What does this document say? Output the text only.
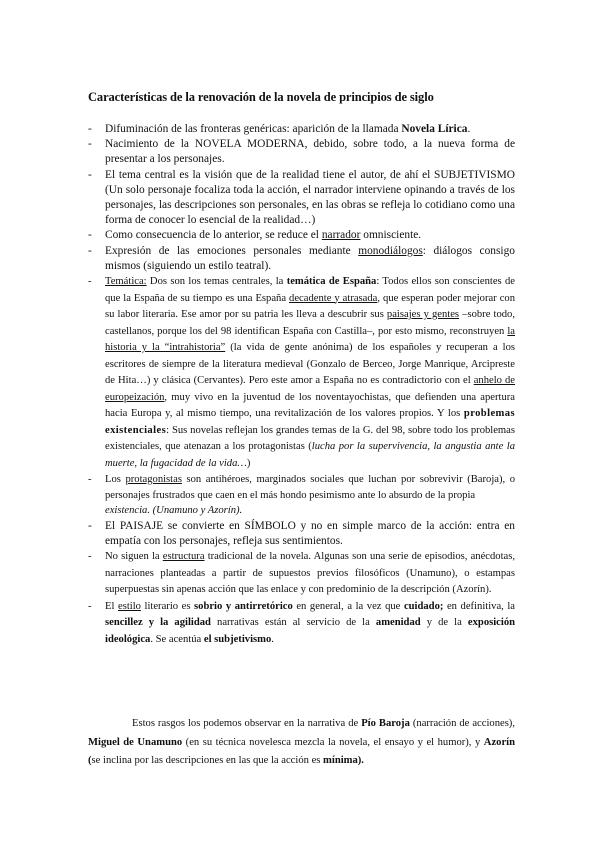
Características de la renovación de la novela de principios de siglo
- Difuminación de las fronteras genéricas: aparición de la llamada Novela Lírica.
- Nacimiento de la NOVELA MODERNA, debido, sobre todo, a la nueva forma de presentar a los personajes.
- El tema central es la visión que de la realidad tiene el autor, de ahí el SUBJETIVISMO (Un solo personaje focaliza toda la acción, el narrador interviene opinando a través de los personajes, las descripciones son personales, en las obras se refleja lo cotidiano como una forma de conocer lo esencial de la realidad…)
- Como consecuencia de lo anterior, se reduce el narrador omnisciente.
- Expresión de las emociones personales mediante monodiálogos: diálogos consigo mismos (siguiendo un estilo teatral).
- Temática: Dos son los temas centrales, la temática de España: Todos ellos son conscientes de que la España de su tiempo es una España decadente y atrasada, que esperan poder mejorar con su labor literaria. Ese amor por su patria les lleva a descubrir sus paisajes y gentes –sobre todo, castellanos, porque los del 98 identifican España con Castilla–, por esto mismo, reconstruyen la historia y la “intrahistoria” (la vida de gente anónima) de los españoles y recuperan a los escritores de siempre de la literatura medieval (Gonzalo de Berceo, Jorge Manrique, Arcipreste de Hita…) y clásica (Cervantes). Pero este amor a España no es contradictorio con el anhelo de europeización, muy vivo en la juventud de los noventayochistas, que defienden una apertura hacia Europa y, al mismo tiempo, una revitalización de los valores propios. Y los problemas existenciales: Sus novelas reflejan los grandes temas de la G. del 98, sobre todo los problemas existenciales, que atenazan a los protagonistas (lucha por la supervivencia, la angustia ante la muerte, la fugacidad de la vida…)
- Los protagonistas son antihéroes, marginados sociales que luchan por sobrevivir (Baroja), o personajes frustrados que caen en el más hondo pesimismo ante lo absurdo de la propia
existencia. (Unamuno y Azorín).
- El PAISAJE se convierte en SÍMBOLO y no en simple marco de la acción: entra en empatía con los personajes, refleja sus sentimientos.
- No siguen la estructura tradicional de la novela. Algunas son una serie de episodios, anécdotas, narraciones planteadas a partir de supuestos previos filosóficos (Unamuno), o estampas superpuestas sin apenas acción que las enlace y con predominio de la descripción (Azorín).
- El estilo literario es sobrio y antirretórico en general, a la vez que cuidado; en definitiva, la sencillez y la agilidad narrativas están al servicio de la amenidad y de la exposición ideológica. Se acentúa el subjetivismo.

Estos rasgos los podemos observar en la narrativa de Pío Baroja (narración de acciones), Miguel de Unamuno (en su técnica novelesca mezcla la novela, el ensayo y el humor), y Azorín (se inclina por las descripciones en las que la acción es mínima).
